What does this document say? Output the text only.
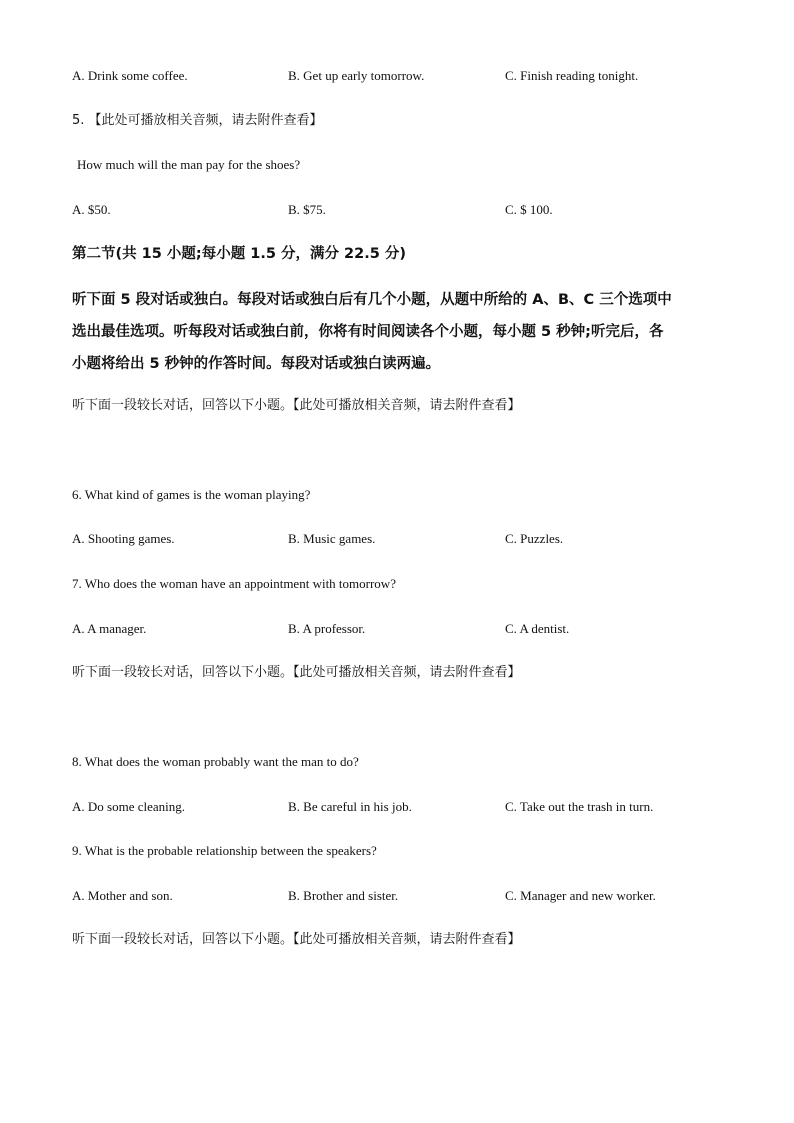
A. Drink some coffee.	B. Get up early tomorrow.	C. Finish reading tonight.
5. 【此处可播放相关音频，请去附件查看】
How much will the man pay for the shoes?
A. $50.	B. $75.	C. $ 100.
第二节(共 15 小题;每小题 1.5 分，满分 22.5 分)
听下面 5 段对话或独白。每段对话或独白后有几个小题，从题中所给的 A、B、C 三个选项中
选出最佳选项。听每段对话或独白前，你将有时间阅读各个小题，每小题 5 秒钟;听完后，各
小题将给出 5 秒钟的作答时间。每段对话或独白读两遍。
听下面一段较长对话，回答以下小题。【此处可播放相关音频，请去附件查看】
6. What kind of games is the woman playing?
A. Shooting games.	B. Music games.	C. Puzzles.
7. Who does the woman have an appointment with tomorrow?
A. A manager.	B. A professor.	C. A dentist.
听下面一段较长对话，回答以下小题。【此处可播放相关音频，请去附件查看】
8. What does the woman probably want the man to do?
A. Do some cleaning.	B. Be careful in his job.	C. Take out the trash in turn.
9. What is the probable relationship between the speakers?
A. Mother and son.	B. Brother and sister.	C. Manager and new worker.
听下面一段较长对话，回答以下小题。【此处可播放相关音频，请去附件查看】
